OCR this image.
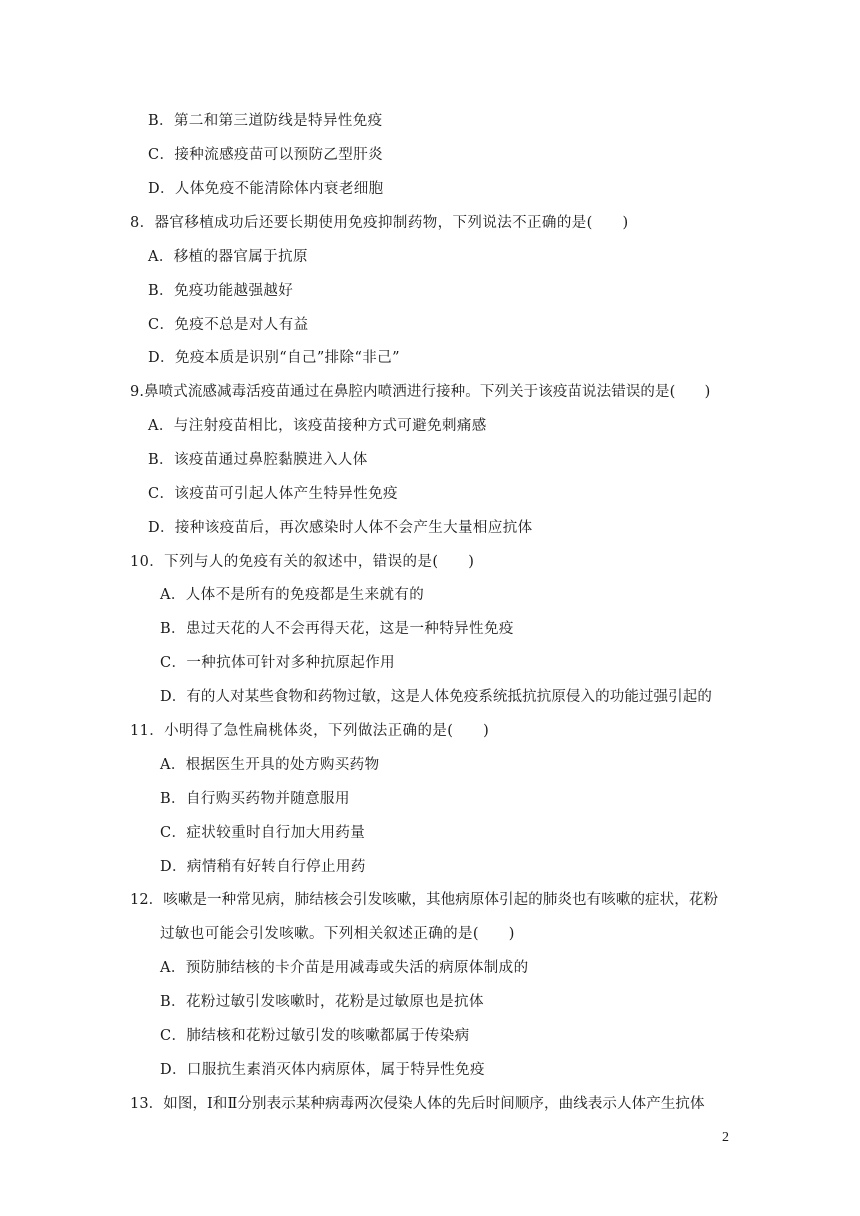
B．第二和第三道防线是特异性免疫
C．接种流感疫苗可以预防乙型肝炎
D．人体免疫不能清除体内衰老细胞
8．器官移植成功后还要长期使用免疫抑制药物，下列说法不正确的是(　　)
A．移植的器官属于抗原
B．免疫功能越强越好
C．免疫不总是对人有益
D．免疫本质是识别“自己”排除“非己”
9.鼻喷式流感减毒活疫苗通过在鼻腔内喷洒进行接种。下列关于该疫苗说法错误的是(　　)
A．与注射疫苗相比，该疫苗接种方式可避免刺痛感
B．该疫苗通过鼻腔黏膜进入人体
C．该疫苗可引起人体产生特异性免疫
D．接种该疫苗后，再次感染时人体不会产生大量相应抗体
10．下列与人的免疫有关的叙述中，错误的是(　　)
A．人体不是所有的免疫都是生来就有的
B．患过天花的人不会再得天花，这是一种特异性免疫
C．一种抗体可针对多种抗原起作用
D．有的人对某些食物和药物过敏，这是人体免疫系统抵抗抗原侵入的功能过强引起的
11．小明得了急性扁桃体炎，下列做法正确的是(　　)
A．根据医生开具的处方购买药物
B．自行购买药物并随意服用
C．症状较重时自行加大用药量
D．病情稍有好转自行停止用药
12．咳嗽是一种常见病，肺结核会引发咳嗽，其他病原体引起的肺炎也有咳嗽的症状，花粉
过敏也可能会引发咳嗽。下列相关叙述正确的是(　　)
A．预防肺结核的卡介苗是用减毒或失活的病原体制成的
B．花粉过敏引发咳嗽时，花粉是过敏原也是抗体
C．肺结核和花粉过敏引发的咳嗽都属于传染病
D．口服抗生素消灭体内病原体，属于特异性免疫
13．如图，Ⅰ和Ⅱ分别表示某种病毒两次侵染人体的先后时间顺序，曲线表示人体产生抗体
2
